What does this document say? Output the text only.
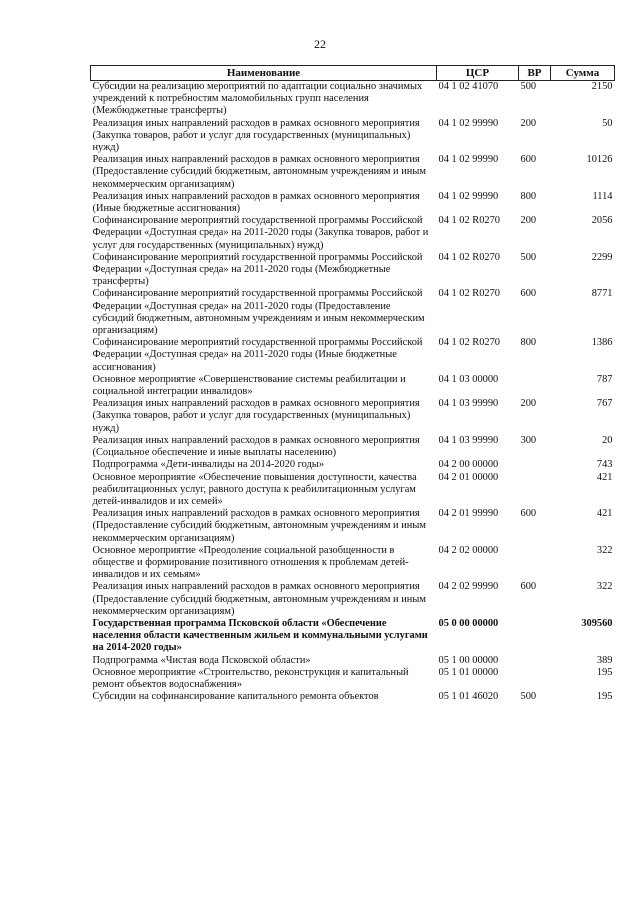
22
Наименование	ЦСР	ВР	Сумма
Субсидии на реализацию мероприятий по адаптации социально значимых учреждений к потребностям маломобильных групп населения (Межбюджетные трансферты)	04 1 02 41070	500	2150
Реализация иных направлений расходов в рамках основного мероприятия (Закупка товаров, работ и услуг для государственных (муниципальных) нужд)	04 1 02 99990	200	50
Реализация иных направлений расходов в рамках основного мероприятия (Предоставление субсидий бюджетным, автономным учреждениям и иным некоммерческим организациям)	04 1 02 99990	600	10126
Реализация иных направлений расходов в рамках основного мероприятия (Иные бюджетные ассигнования)	04 1 02 99990	800	1114
Софинансирование мероприятий государственной программы Российской Федерации «Доступная среда» на 2011-2020 годы (Закупка товаров, работ и услуг для государственных (муниципальных) нужд)	04 1 02 R0270	200	2056
Софинансирование мероприятий государственной программы Российской Федерации «Доступная среда» на 2011-2020 годы (Межбюджетные трансферты)	04 1 02 R0270	500	2299
Софинансирование мероприятий государственной программы Российской Федерации «Доступная среда» на 2011-2020 годы (Предоставление субсидий бюджетным, автономным учреждениям и иным некоммерческим организациям)	04 1 02 R0270	600	8771
Софинансирование мероприятий государственной программы Российской Федерации «Доступная среда» на 2011-2020 годы (Иные бюджетные ассигнования)	04 1 02 R0270	800	1386
Основное мероприятие «Совершенствование системы реабилитации и социальной интеграции инвалидов»	04 1 03 00000		787
Реализация иных направлений расходов в рамках основного мероприятия (Закупка товаров, работ и услуг для государственных (муниципальных) нужд)	04 1 03 99990	200	767
Реализация иных направлений расходов в рамках основного мероприятия (Социальное обеспечение и иные выплаты населению)	04 1 03 99990	300	20
Подпрограмма «Дети-инвалиды на 2014-2020 годы»	04 2 00 00000		743
Основное мероприятие «Обеспечение повышения доступности, качества реабилитационных услуг, равного доступа к реабилитационным услугам детей-инвалидов и их семей»	04 2 01 00000		421
Реализация иных направлений расходов в рамках основного мероприятия (Предоставление субсидий бюджетным, автономным учреждениям и иным некоммерческим организациям)	04 2 01 99990	600	421
Основное мероприятие «Преодоление социальной разобщенности в обществе и формирование позитивного отношения к проблемам детей-инвалидов и их семьям»	04 2 02 00000		322
Реализация иных направлений расходов в рамках основного мероприятия (Предоставление субсидий бюджетным, автономным учреждениям и иным некоммерческим организациям)	04 2 02 99990	600	322
Государственная программа Псковской области «Обеспечение населения области качественным жильем и коммунальными услугами на 2014-2020 годы»	05 0 00 00000		309560
Подпрограмма «Чистая вода Псковской области»	05 1 00 00000		389
Основное мероприятие «Строительство, реконструкция и капитальный ремонт объектов водоснабжения»	05 1 01 00000		195
Субсидии на софинансирование капитального ремонта объектов	05 1 01 46020	500	195
